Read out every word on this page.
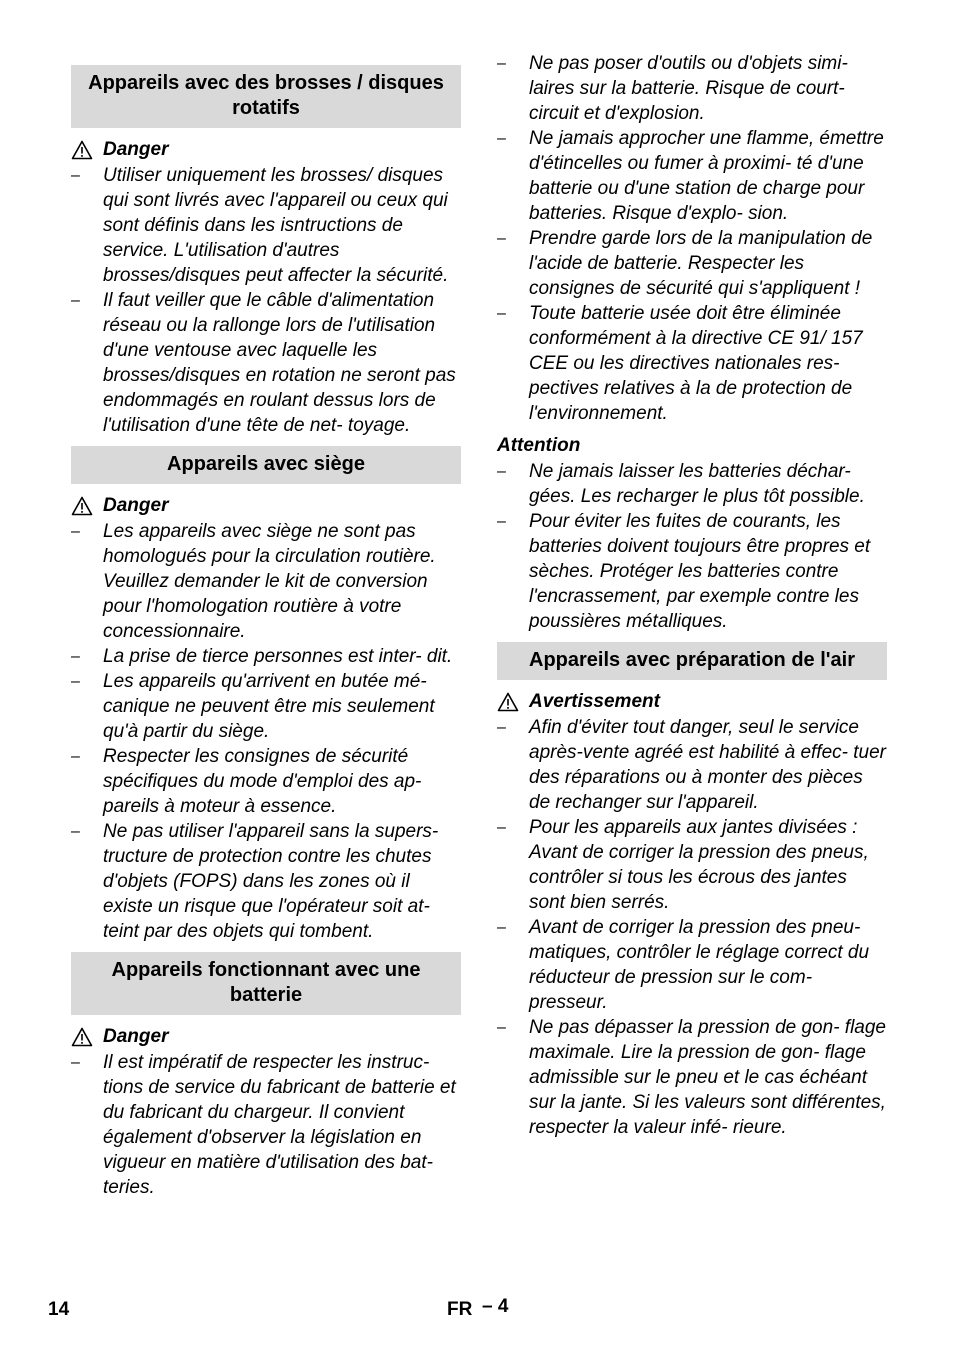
Appareils avec des brosses / disques rotatifs
Danger
– Utiliser uniquement les brosses/ disques qui sont livrés avec l'appareil ou ceux qui sont définis dans les isntructions de service. L'utilisation d'autres brosses/disques peut affecter la sécurité.
– Il faut veiller que le câble d'alimentation réseau ou la rallonge lors de l'utilisation d'une ventouse avec laquelle les brosses/disques en rotation ne seront pas endommagés en roulant dessus lors de l'utilisation d'une tête de net- toyage.
Appareils avec siège
Danger
– Les appareils avec siège ne sont pas homologués pour la circulation routière. Veuillez demander le kit de conversion pour l'homologation routière à votre concessionnaire.
– La prise de tierce personnes est inter- dit.
– Les appareils qu'arrivent en butée mé- canique ne peuvent être mis seulement qu'à partir du siège.
– Respecter les consignes de sécurité spécifiques du mode d'emploi des ap- pareils à moteur à essence.
– Ne pas utiliser l'appareil sans la supers- tructure de protection contre les chutes d'objets (FOPS) dans les zones où il existe un risque que l'opérateur soit at- teint par des objets qui tombent.
Appareils fonctionnant avec une batterie
Danger
– Il est impératif de respecter les instruc- tions de service du fabricant de batterie et du fabricant du chargeur. Il convient également d'observer la législation en vigueur en matière d'utilisation des bat- teries.
– Ne pas poser d'outils ou d'objets simi- laires sur la batterie. Risque de court- circuit et d'explosion.
– Ne jamais approcher une flamme, émettre d'étincelles ou fumer à proximi- té d'une batterie ou d'une station de charge pour batteries. Risque d'explo- sion.
– Prendre garde lors de la manipulation de l'acide de batterie. Respecter les consignes de sécurité qui s'appliquent !
– Toute batterie usée doit être éliminée conformément à la directive CE 91/ 157 CEE ou les directives nationales res- pectives relatives à la de protection de l'environnement.
Attention
– Ne jamais laisser les batteries déchar- gées. Les recharger le plus tôt possible.
– Pour éviter les fuites de courants, les batteries doivent toujours être propres et sèches. Protéger les batteries contre l'encrassement, par exemple contre les poussières métalliques.
Appareils avec préparation de l'air
Avertissement
– Afin d'éviter tout danger, seul le service après-vente agréé est habilité à effec- tuer des réparations ou à monter des pièces de rechanger sur l'appareil.
– Pour les appareils aux jantes divisées : Avant de corriger la pression des pneus, contrôler si tous les écrous des jantes sont bien serrés.
– Avant de corriger la pression des pneu- matiques, contrôler le réglage correct du réducteur de pression sur le com- presseur.
– Ne pas dépasser la pression de gon- flage maximale. Lire la pression de gon- flage admissible sur le pneu et le cas échéant sur la jante. Si les valeurs sont différentes, respecter la valeur infé- rieure.
14	FR – 4
